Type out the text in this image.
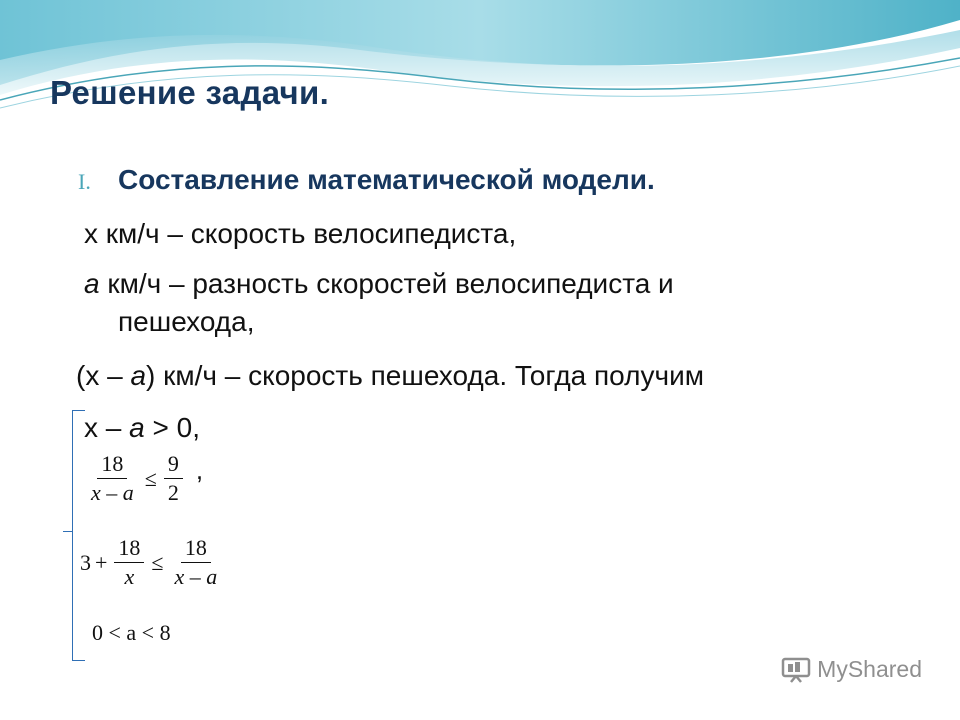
Решение задачи.
I. Составление математической модели.
x км/ч – скорость велосипедиста,
a км/ч – разность скоростей велосипедиста и
пешехода,
(x – a) км/ч – скорость пешехода. Тогда получим
x – a > 0,
$\frac{18}{x - a} \le \frac{9}{2}$ ,
$3 + \frac{18}{x} \le \frac{18}{x - a}$
0 < a < 8
MyShared
